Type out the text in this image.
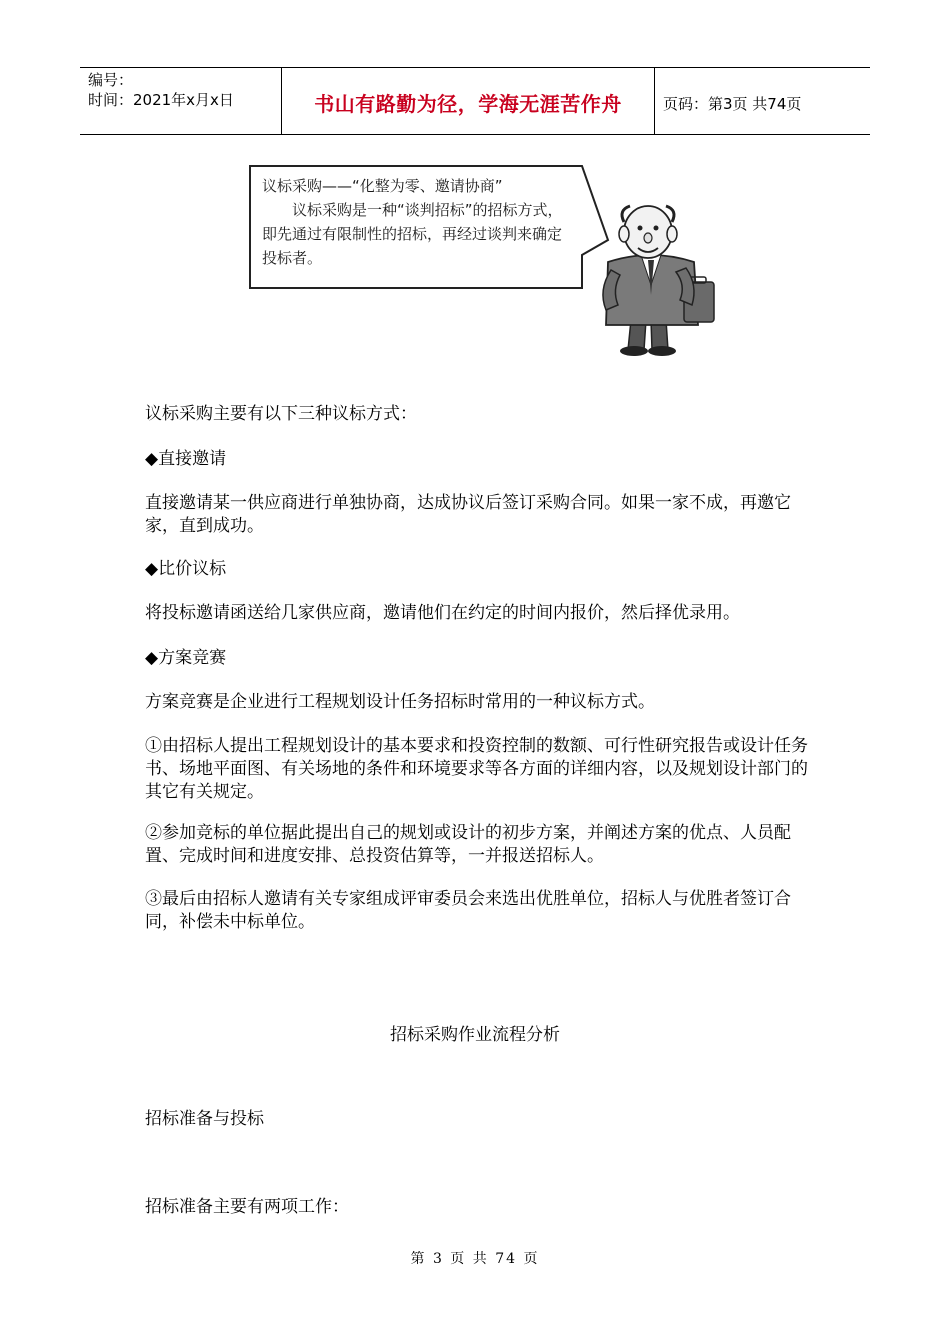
编号：
时间：2021年x月x日	书山有路勤为径，学海无涯苦作舟	页码：第3页 共74页
议标采购——“化整为零、邀请协商”
议标采购是一种“谈判招标”的招标方式，
即先通过有限制性的招标，再经过谈判来确定
投标者。
议标采购主要有以下三种议标方式：
◆直接邀请
直接邀请某一供应商进行单独协商，达成协议后签订采购合同。如果一家不成，再邀它家，直到成功。
◆比价议标
将投标邀请函送给几家供应商，邀请他们在约定的时间内报价，然后择优录用。
◆方案竞赛
方案竞赛是企业进行工程规划设计任务招标时常用的一种议标方式。
①由招标人提出工程规划设计的基本要求和投资控制的数额、可行性研究报告或设计任务书、场地平面图、有关场地的条件和环境要求等各方面的详细内容，以及规划设计部门的其它有关规定。
②参加竞标的单位据此提出自己的规划或设计的初步方案，并阐述方案的优点、人员配置、完成时间和进度安排、总投资估算等，一并报送招标人。
③最后由招标人邀请有关专家组成评审委员会来选出优胜单位，招标人与优胜者签订合同，补偿未中标单位。
招标采购作业流程分析
招标准备与投标
招标准备主要有两项工作：
第 3 页 共 74 页
